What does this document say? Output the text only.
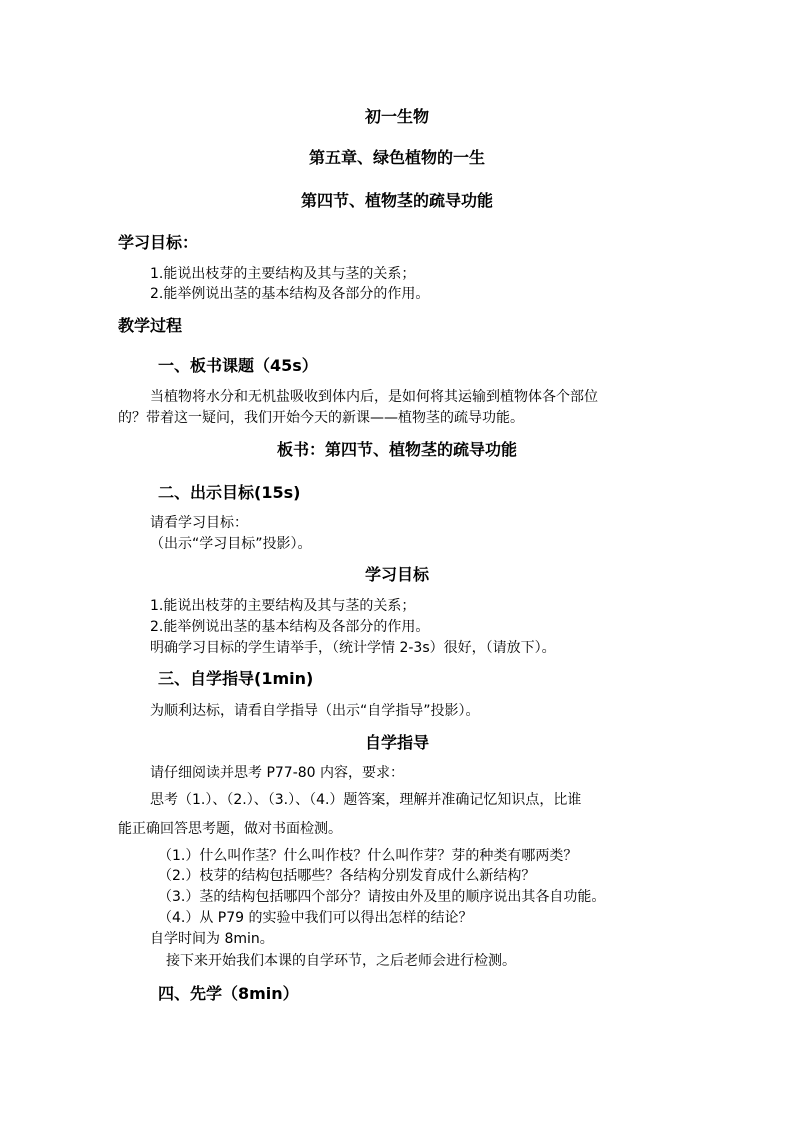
初一生物
第五章、绿色植物的一生
第四节、植物茎的疏导功能
学习目标：
1.能说出枝芽的主要结构及其与茎的关系；
2.能举例说出茎的基本结构及各部分的作用。
教学过程
一、板书课题（45s）
当植物将水分和无机盐吸收到体内后，是如何将其运输到植物体各个部位
的？带着这一疑问，我们开始今天的新课——植物茎的疏导功能。
板书：第四节、植物茎的疏导功能
二、出示目标(15s)
请看学习目标：
（出示“学习目标”投影）。
学习目标
1.能说出枝芽的主要结构及其与茎的关系；
2.能举例说出茎的基本结构及各部分的作用。
明确学习目标的学生请举手，（统计学情 2-3s）很好，（请放下）。
三、自学指导(1min)
为顺利达标，请看自学指导（出示“自学指导”投影）。
自学指导
请仔细阅读并思考 P77-80 内容，要求：
思考（1.）、（2.）、（3.）、（4.）题答案，理解并准确记忆知识点，比谁
能正确回答思考题，做对书面检测。
（1.）什么叫作茎？什么叫作枝？什么叫作芽？芽的种类有哪两类？
（2.）枝芽的结构包括哪些？各结构分别发育成什么新结构？
（3.）茎的结构包括哪四个部分？请按由外及里的顺序说出其各自功能。
（4.）从 P79 的实验中我们可以得出怎样的结论？
自学时间为 8min。
接下来开始我们本课的自学环节，之后老师会进行检测。
四、先学（8min）
